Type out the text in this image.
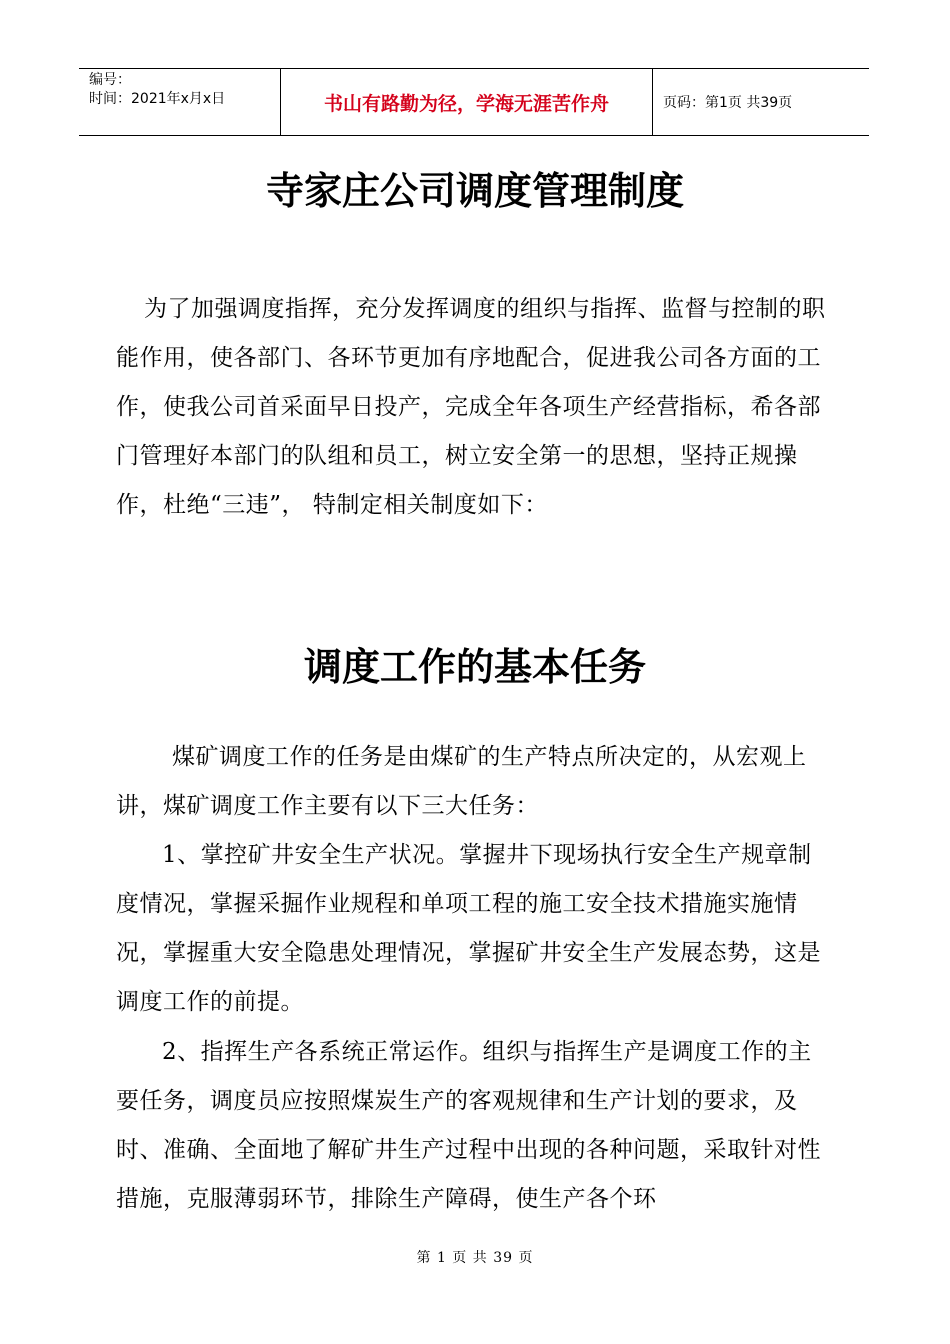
编号：
时间：2021年x月x日	书山有路勤为径，学海无涯苦作舟	页码：第1页 共39页
寺家庄公司调度管理制度

为了加强调度指挥，充分发挥调度的组织与指挥、监督与控制的职能作用，使各部门、各环节更加有序地配合，促进我公司各方面的工作，使我公司首采面早日投产，完成全年各项生产经营指标，希各部门管理好本部门的队组和员工，树立安全第一的思想，坚持正规操作，杜绝“三违”， 特制定相关制度如下：

调度工作的基本任务

煤矿调度工作的任务是由煤矿的生产特点所决定的，从宏观上讲，煤矿调度工作主要有以下三大任务：

1、掌控矿井安全生产状况。掌握井下现场执行安全生产规章制度情况，掌握采掘作业规程和单项工程的施工安全技术措施实施情况，掌握重大安全隐患处理情况，掌握矿井安全生产发展态势，这是调度工作的前提。

2、指挥生产各系统正常运作。组织与指挥生产是调度工作的主要任务，调度员应按照煤炭生产的客观规律和生产计划的要求，及时、准确、全面地了解矿井生产过程中出现的各种问题，采取针对性措施，克服薄弱环节，排除生产障碍，使生产各个环

第 1 页 共 39 页
